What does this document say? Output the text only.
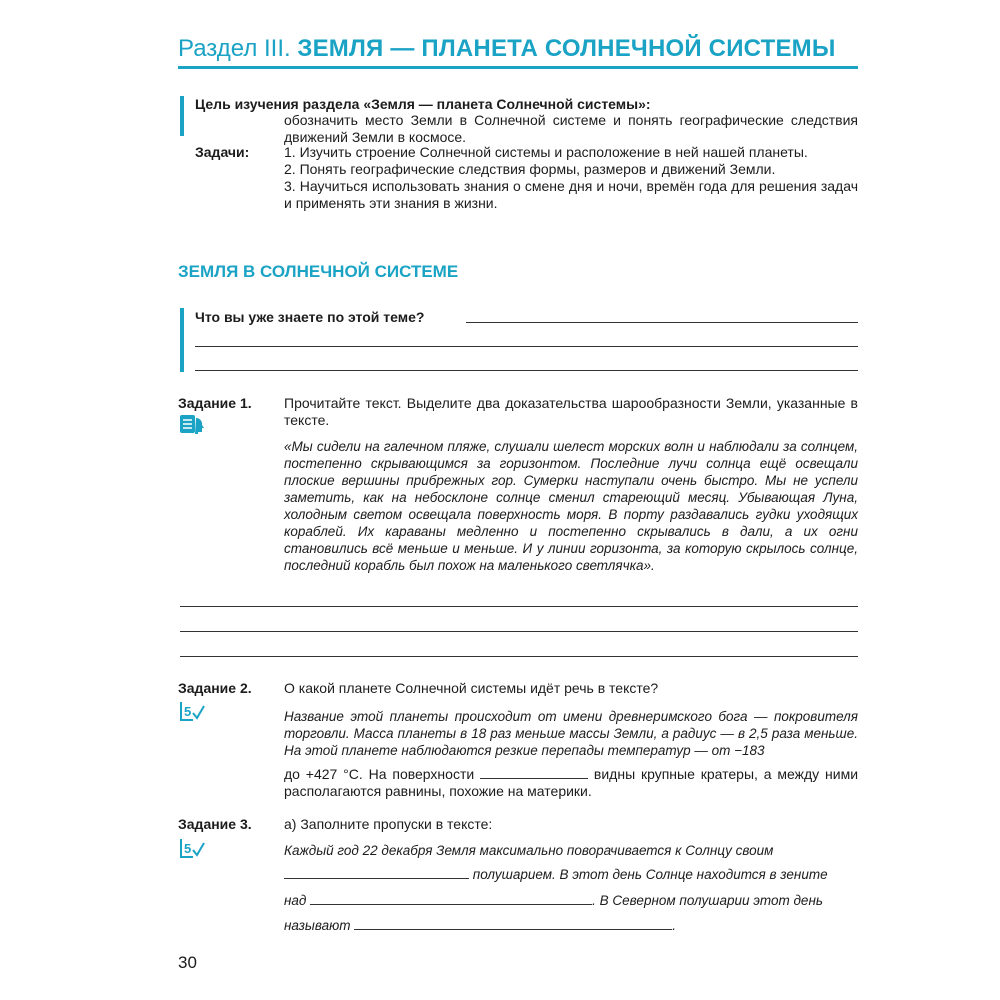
Раздел III. ЗЕМЛЯ — ПЛАНЕТА СОЛНЕЧНОЙ СИСТЕМЫ
Цель изучения раздела «Земля — планета Солнечной системы»:
обозначить место Земли в Солнечной системе и понять географические следствия движений Земли в космосе.
Задачи: 1. Изучить строение Солнечной системы и расположение в ней нашей планеты.
2. Понять географические следствия формы, размеров и движений Земли.
3. Научиться использовать знания о смене дня и ночи, времён года для решения задач и применять эти знания в жизни.
ЗЕМЛЯ В СОЛНЕЧНОЙ СИСТЕМЕ
Что вы уже знаете по этой теме?
Задание 1. Прочитайте текст. Выделите два доказательства шарообразности Земли, указанные в тексте.
«Мы сидели на галечном пляже, слушали шелест морских волн и наблюдали за солнцем, постепенно скрывающимся за горизонтом. Последние лучи солнца ещё освещали плоские вершины прибрежных гор. Сумерки наступали очень быстро. Мы не успели заметить, как на небосклоне солнце сменил стареющий месяц. Убывающая Луна, холодным светом освещала поверхность моря. В порту раздавались гудки уходящих кораблей. Их караваны медленно и постепенно скрывались в дали, а их огни становились всё меньше и меньше. И у линии горизонта, за которую скрылось солнце, последний корабль был похож на маленького светлячка».
Задание 2.
5
О какой планете Солнечной системы идёт речь в тексте?
Название этой планеты происходит от имени древнеримского бога — покровителя торговли. Масса планеты в 18 раз меньше массы Земли, а радиус — в 2,5 раза меньше. На этой планете наблюдаются резкие перепады температур — от −183
до +427 °С. На поверхности	видны крупные кратеры, а между ними располагаются равнины, похожие на материки.
Задание 3.
5
а) Заполните пропуски в тексте:
Каждый год 22 декабря Земля максимально поворачивается к Солнцу своим
полушарием. В этот день Солнце находится в зените
над	. В Северном полушарии этот день
называют	.
30
